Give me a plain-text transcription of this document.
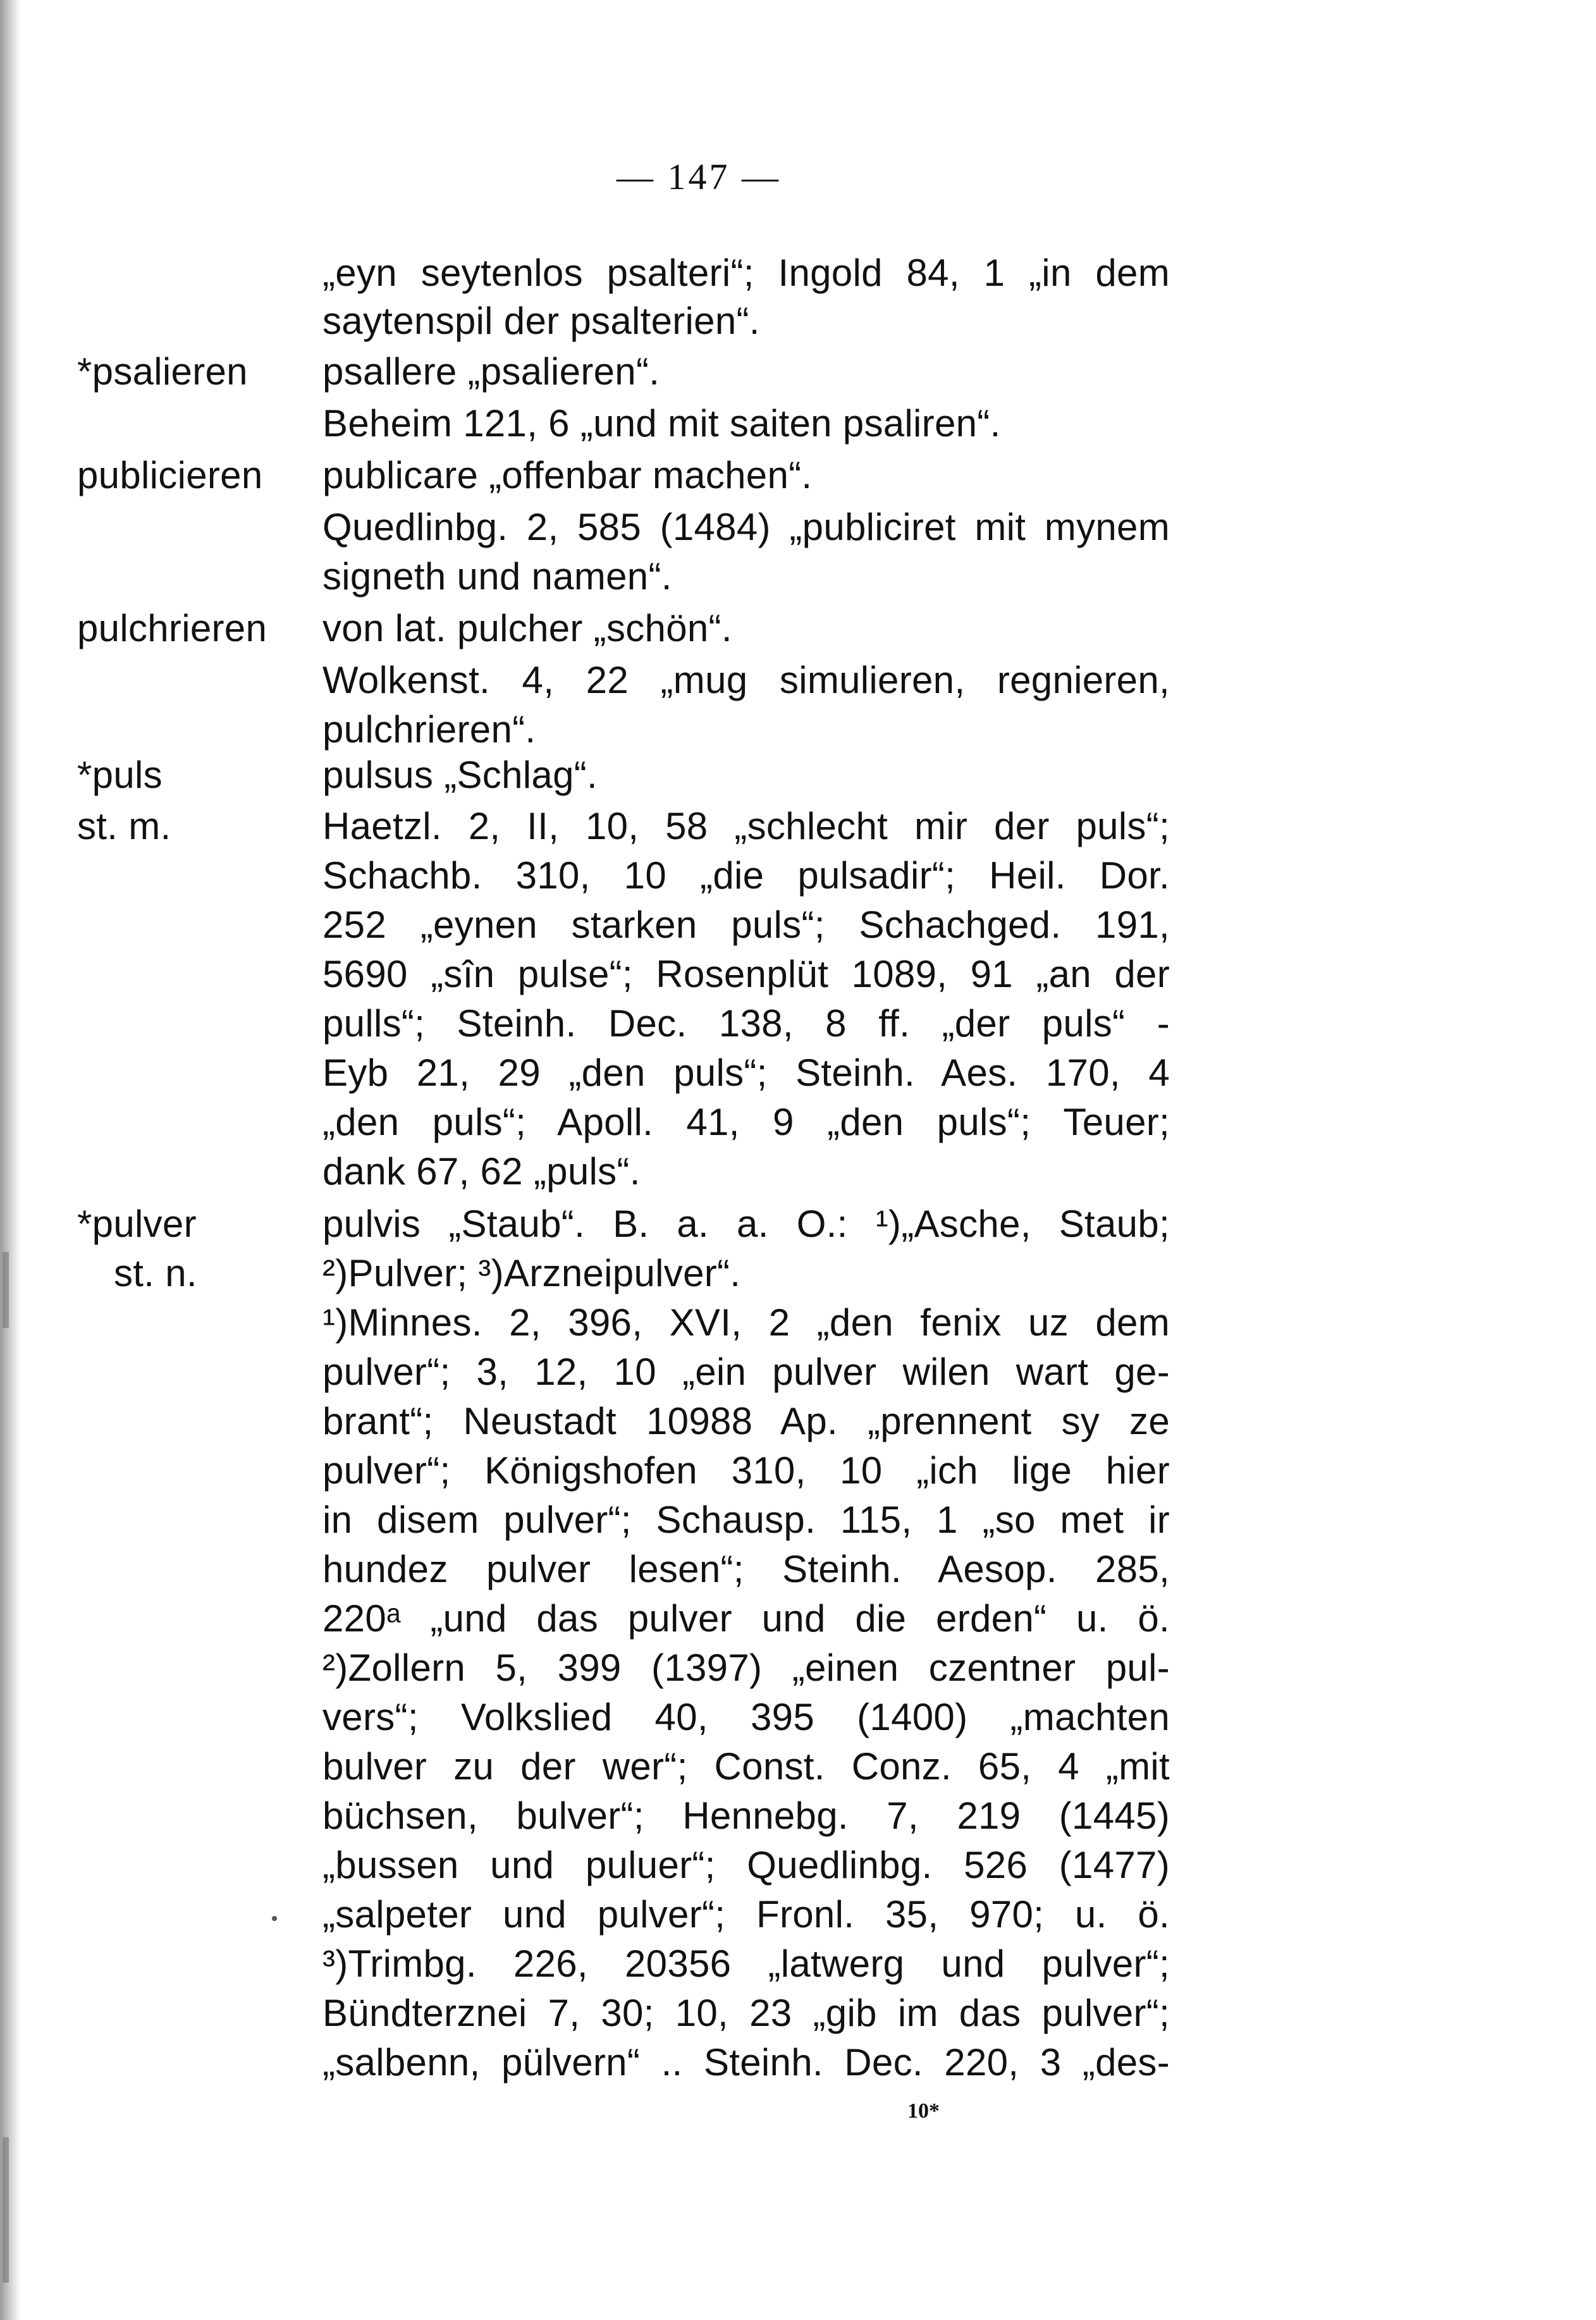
— 147 —
*psalieren
publicieren
pulchrieren
*puls
st. m.
*pulver
st. n.
„eyn seytenlos psalteri“; Ingold 84, 1 „in dem
saytenspil der psalterien“.
psallere „psalieren“.
Beheim 121, 6 „und mit saiten psaliren“.
publicare „offenbar machen“.
Quedlinbg. 2, 585 (1484) „publiciret mit mynem
signeth und namen“.
von lat. pulcher „schön“.
Wolkenst. 4, 22 „mug simulieren, regnieren,
pulchrieren“.
pulsus „Schlag“.
Haetzl. 2, II, 10, 58 „schlecht mir der puls“;
Schachb. 310, 10 „die pulsadir“; Heil. Dor.
252 „eynen starken puls“; Schachged. 191,
5690 „sîn pulse“; Rosenplüt 1089, 91 „an der
pulls“; Steinh. Dec. 138, 8 ff. „der puls“ -
Eyb 21, 29 „den puls“; Steinh. Aes. 170, 4
„den puls“; Apoll. 41, 9 „den puls“; Teuer;
dank 67, 62 „puls“.
pulvis „Staub“. B. a. a. O.: ¹)„Asche, Staub;
²)Pulver; ³)Arzneipulver“.
¹)Minnes. 2, 396, XVI, 2 „den fenix uz dem
pulver“; 3, 12, 10 „ein pulver wilen wart ge-
brant“; Neustadt 10988 Ap. „prennent sy ze
pulver“; Königshofen 310, 10 „ich lige hier
in disem pulver“; Schausp. 115, 1 „so met ir
hundez pulver lesen“; Steinh. Aesop. 285,
220ᵃ „und das pulver und die erden“ u. ö.
²)Zollern 5, 399 (1397) „einen czentner pul-
vers“; Volkslied 40, 395 (1400) „machten
bulver zu der wer“; Const. Conz. 65, 4 „mit
büchsen, bulver“; Hennebg. 7, 219 (1445)
„bussen und puluer“; Quedlinbg. 526 (1477)
„salpeter und pulver“; Fronl. 35, 970; u. ö.
³)Trimbg. 226, 20356 „latwerg und pulver“;
Bündterznei 7, 30; 10, 23 „gib im das pulver“;
„salbenn, pülvern“ .. Steinh. Dec. 220, 3 „des-
10*
